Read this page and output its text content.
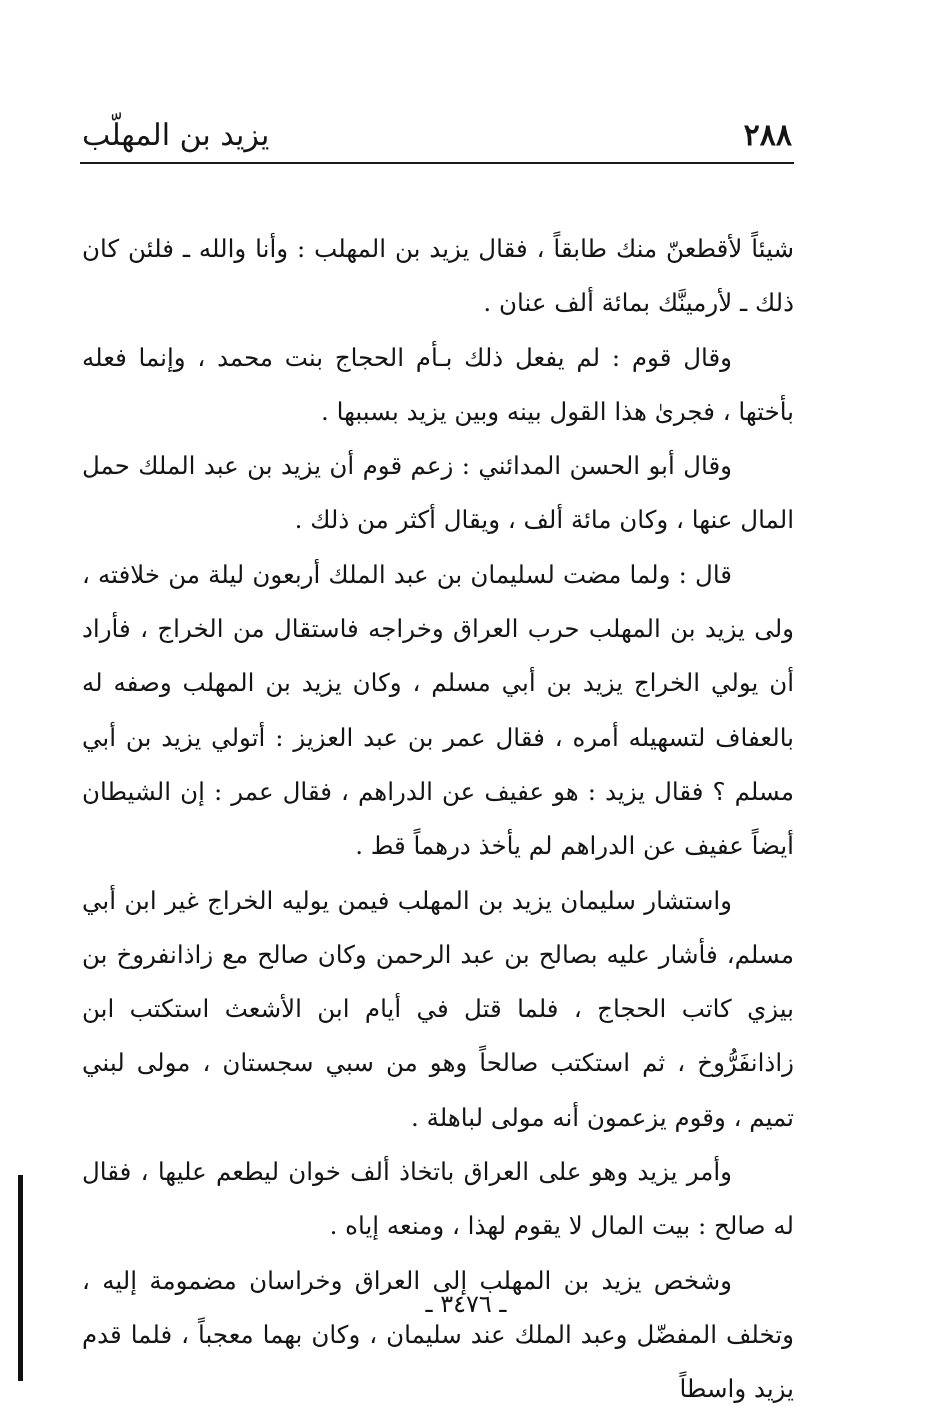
٢٨٨
يزيد بن المهلّب

شيئاً لأقطعنّ منك طابقاً ، فقال يزيد بن المهلب : وأنا والله ـ فلئن كان ذلك ـ لأرمينَّك بمائة ألف عنان .

وقال قوم : لم يفعل ذلك بـأم الحجاج بنت محمد ، وإنما فعله بأختها ، فجرىٰ هذا القول بينه وبين يزيد بسببها .

وقال أبو الحسن المدائني : زعم قوم أن يزيد بن عبد الملك حمل المال عنها ، وكان مائة ألف ، ويقال أكثر من ذلك .

قال : ولما مضت لسليمان بن عبد الملك أربعون ليلة من خلافته ، ولى يزيد بن المهلب حرب العراق وخراجه فاستقال من الخراج ، فأراد أن يولي الخراج يزيد بن أبي مسلم ، وكان يزيد بن المهلب وصفه له بالعفاف لتسهيله أمره ، فقال عمر بن عبد العزيز : أتولي يزيد بن أبي مسلم ؟ فقال يزيد : هو عفيف عن الدراهم ، فقال عمر : إن الشيطان أيضاً عفيف عن الدراهم لم يأخذ درهماً قط .

واستشار سليمان يزيد بن المهلب فيمن يوليه الخراج غير ابن أبي مسلم، فأشار عليه بصالح بن عبد الرحمن وكان صالح مع زاذانفروخ بن بيزي كاتب الحجاج ، فلما قتل في أيام ابن الأشعث استكتب ابن زاذانفَرُّوخ ، ثم استكتب صالحاً وهو من سبي سجستان ، مولى لبني تميم ، وقوم يزعمون أنه مولى لباهلة .

وأمر يزيد وهو على العراق باتخاذ ألف خوان ليطعم عليها ، فقال له صالح : بيت المال لا يقوم لهذا ، ومنعه إياه .

وشخص يزيد بن المهلب إلى العراق وخراسان مضمومة إليه ، وتخلف المفضّل وعبد الملك عند سليمان ، وكان بهما معجباً ، فلما قدم يزيد واسطاً

ـ ٣٤٧٦ ـ
